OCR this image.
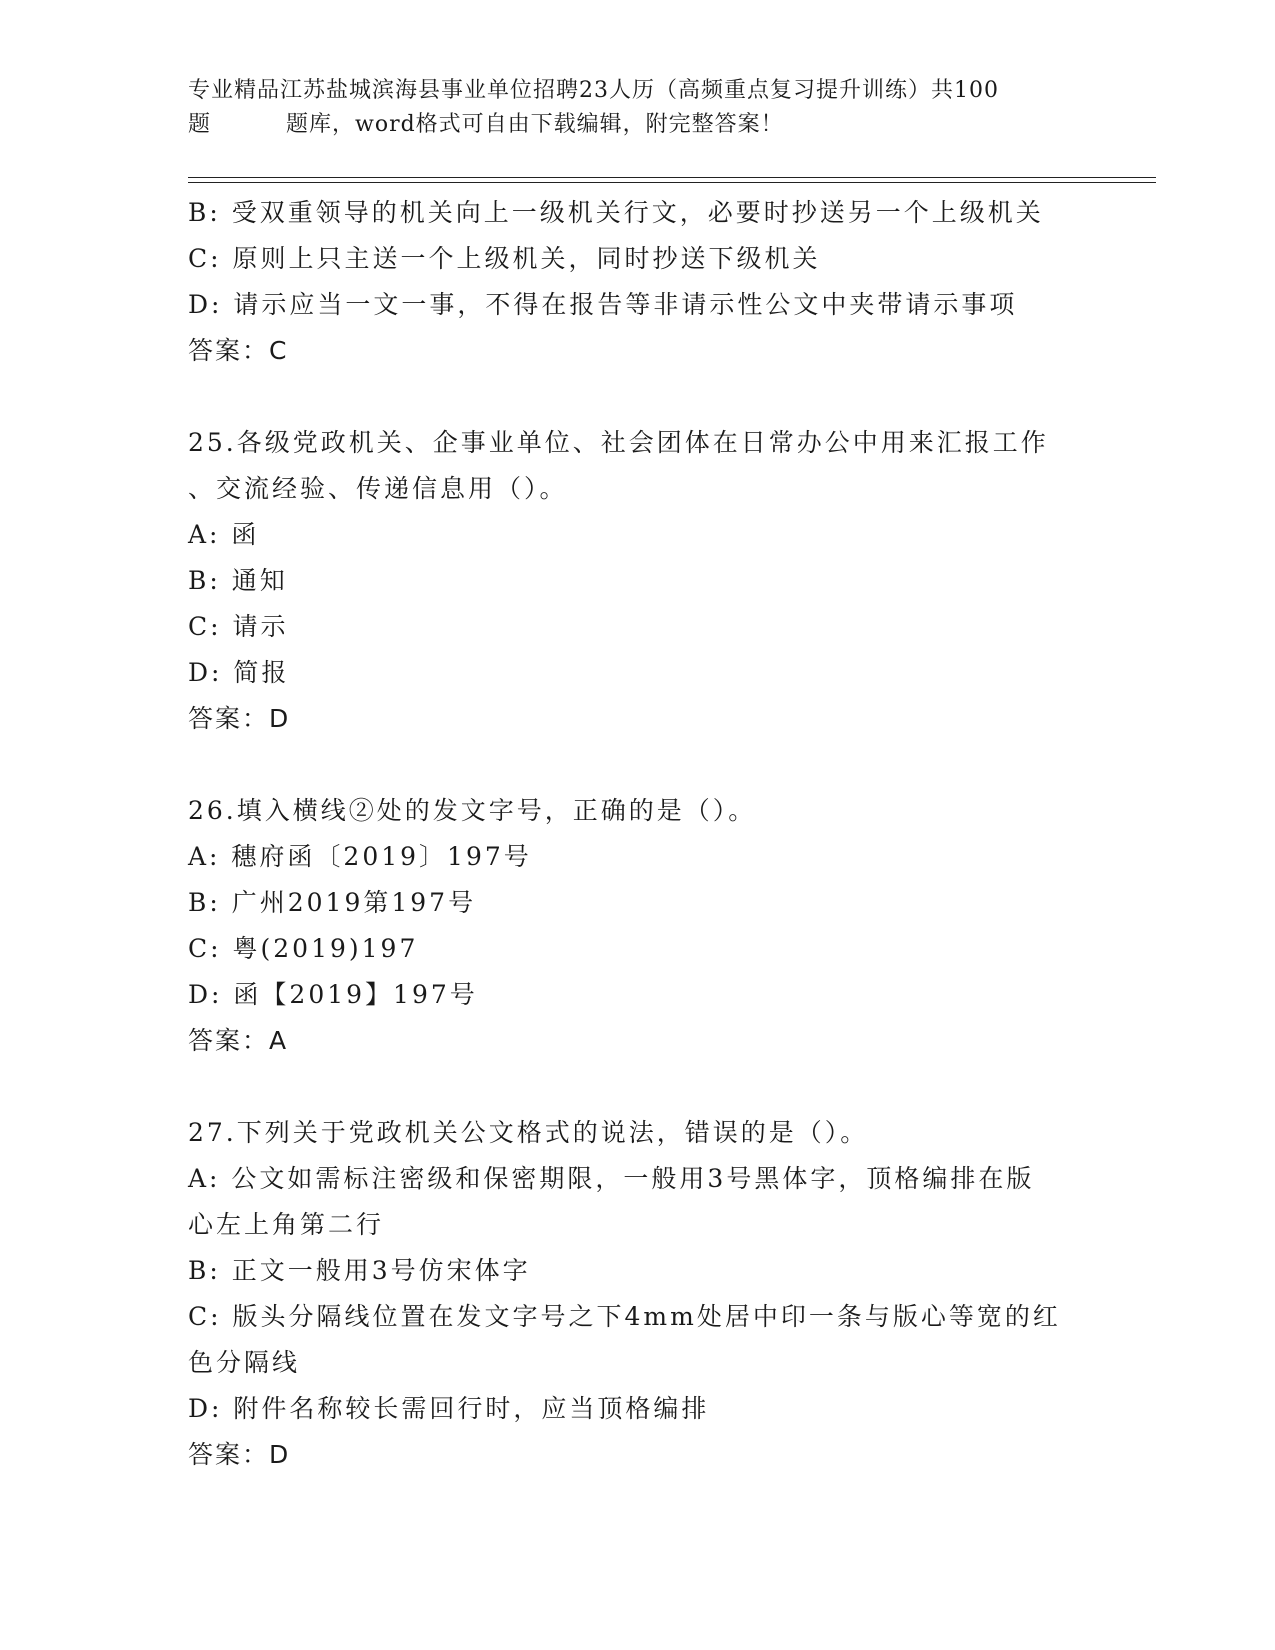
专业精品江苏盐城滨海县事业单位招聘23人历（高频重点复习提升训练）共100
题	题库，word格式可自由下载编辑，附完整答案！
B: 受双重领导的机关向上一级机关行文，必要时抄送另一个上级机关
C: 原则上只主送一个上级机关，同时抄送下级机关
D: 请示应当一文一事，不得在报告等非请示性公文中夹带请示事项
答案：C
25.各级党政机关、企事业单位、社会团体在日常办公中用来汇报工作
、交流经验、传递信息用（）。
A: 函
B: 通知
C: 请示
D: 简报
答案：D
26.填入横线②处的发文字号，正确的是（）。
A: 穗府函〔2019〕197号
B: 广州2019第197号
C: 粤(2019)197
D: 函【2019】197号
答案：A
27.下列关于党政机关公文格式的说法，错误的是（）。
A: 公文如需标注密级和保密期限，一般用3号黑体字，顶格编排在版
心左上角第二行
B: 正文一般用3号仿宋体字
C: 版头分隔线位置在发文字号之下4mm处居中印一条与版心等宽的红
色分隔线
D: 附件名称较长需回行时，应当顶格编排
答案：D
